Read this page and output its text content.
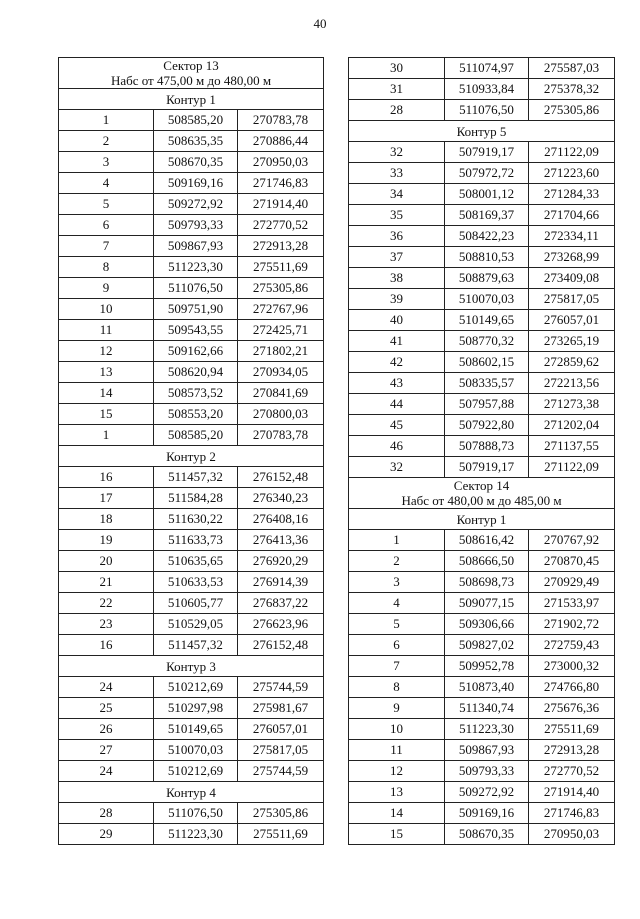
40
Сектор 13
Набс от 475,00 м до 480,00 м		

Контур 1		

1	508585,20	270783,78
2	508635,35	270886,44
3	508670,35	270950,03
4	509169,16	271746,83
5	509272,92	271914,40
6	509793,33	272770,52
7	509867,93	272913,28
8	511223,30	275511,69
9	511076,50	275305,86
10	509751,90	272767,96
11	509543,55	272425,71
12	509162,66	271802,21
13	508620,94	270934,05
14	508573,52	270841,69
15	508553,20	270800,03
1	508585,20	270783,78

Контур 2		

16	511457,32	276152,48
17	511584,28	276340,23
18	511630,22	276408,16
19	511633,73	276413,36
20	510635,65	276920,29
21	510633,53	276914,39
22	510605,77	276837,22
23	510529,05	276623,96
16	511457,32	276152,48

Контур 3		

24	510212,69	275744,59
25	510297,98	275981,67
26	510149,65	276057,01
27	510070,03	275817,05
24	510212,69	275744,59

Контур 4		

28	511076,50	275305,86
29	511223,30	275511,69
30	511074,97	275587,03
31	510933,84	275378,32
28	511076,50	275305,86

Контур 5		

32	507919,17	271122,09
33	507972,72	271223,60
34	508001,12	271284,33
35	508169,37	271704,66
36	508422,23	272334,11
37	508810,53	273268,99
38	508879,63	273409,08
39	510070,03	275817,05
40	510149,65	276057,01
41	508770,32	273265,19
42	508602,15	272859,62
43	508335,57	272213,56
44	507957,88	271273,38
45	507922,80	271202,04
46	507888,73	271137,55
32	507919,17	271122,09

Сектор 14
Набс от 480,00 м до 485,00 м		

Контур 1		

1	508616,42	270767,92
2	508666,50	270870,45
3	508698,73	270929,49
4	509077,15	271533,97
5	509306,66	271902,72
6	509827,02	272759,43
7	509952,78	273000,32
8	510873,40	274766,80
9	511340,74	275676,36
10	511223,30	275511,69
11	509867,93	272913,28
12	509793,33	272770,52
13	509272,92	271914,40
14	509169,16	271746,83
15	508670,35	270950,03
